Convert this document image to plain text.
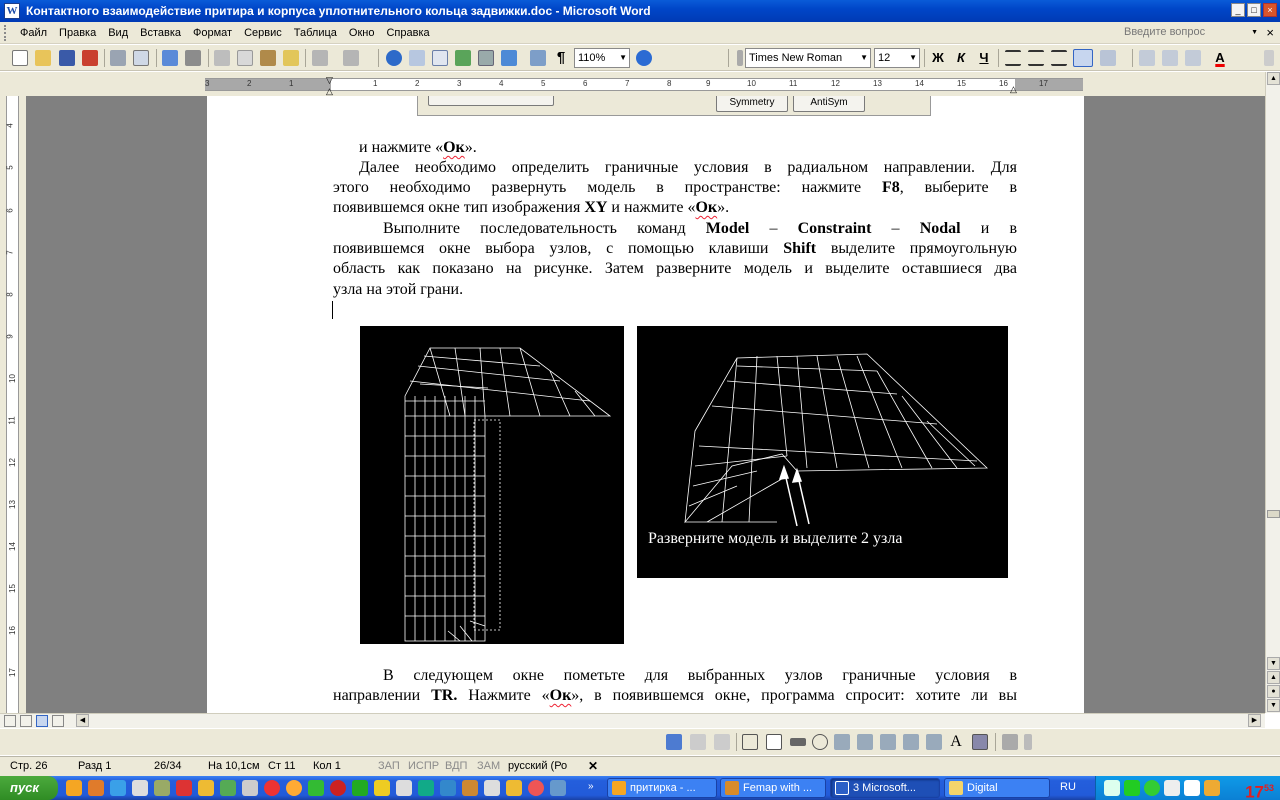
W Контактного взаимодействие притира и корпуса уплотнительного кольца задвижки.doc - Microsoft Word	_	□	×
Файл	Правка	Вид	Вставка	Формат	Сервис	Таблица	Окно	Справка	Введите вопрос	▼ ×
¶	110% ▼	Times New Roman ▼ 12 ▼	Ж	К	Ч	A
3	2	1	1	2	3	4	5	6	7	8	9	10	11	12	13	14	15	16	17
▽
△	△
4
5
6
7
8
9
10
11
12
13
14
15
16
17
Symmetry	AntiSym
и нажмите «Ок».
Далее необходимо определить граничные условия в радиальном направлении. Для
этого необходимо развернуть модель в пространстве: нажмите F8, выберите в
появившемся окне тип изображения XY и нажмите «Ок».
Выполните последовательность команд Model – Constraint – Nodal и в
появившемся окне выбора узлов, с помощью клавиши Shift выделите прямоугольную
область как показано на рисунке. Затем разверните модель и выделите оставшиеся два
узла на этой грани.
Разверните модель и выделите 2 узла
В следующем окне пометьте для выбранных узлов граничные условия в
направлении TR. Нажмите «Ок», в появившемся окне, программа спросит: хотите ли вы
▲
▼
▲
●
▼
◀	▶
A
Стр. 26	Разд 1	26/34 На 10,1см Ст 11 Кол 1	ЗАП ИСПР ВДП ЗАМ русский (Ро ✕
пуск	»	притирка - ...	Femap with ...	3 Microsoft...	Digital	RU	$17^{53}$
